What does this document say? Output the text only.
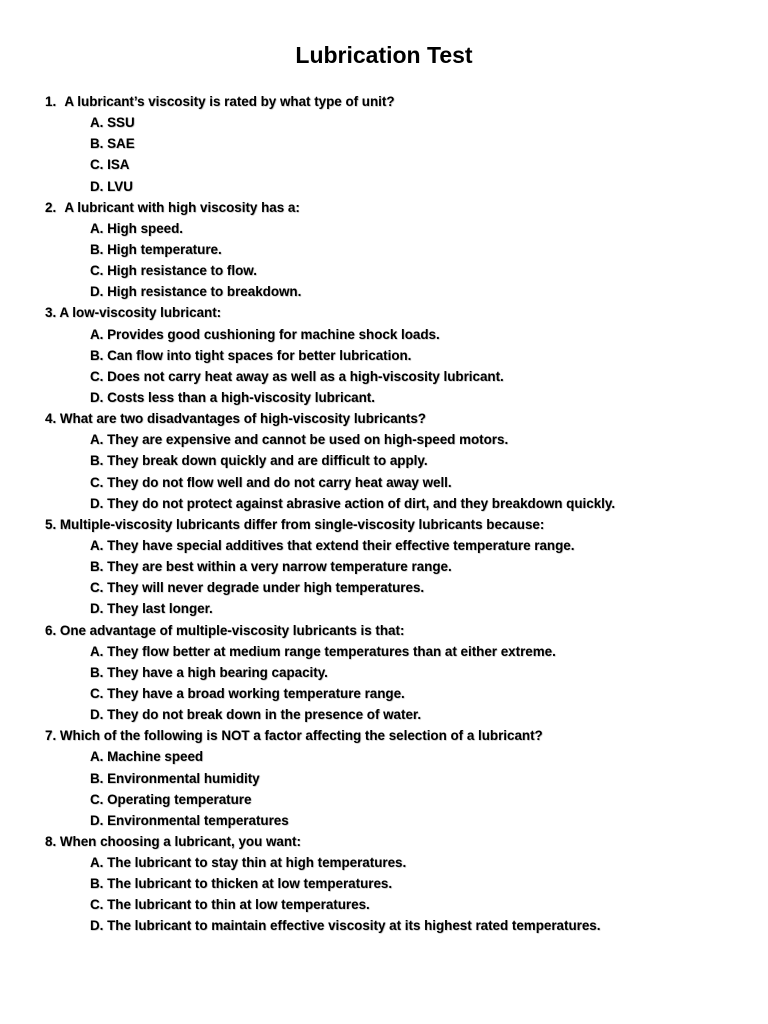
Lubrication Test
1. A lubricant’s viscosity is rated by what type of unit?
A. SSU
B. SAE
C. ISA
D. LVU
2. A lubricant with high viscosity has a:
A. High speed.
B. High temperature.
C. High resistance to flow.
D. High resistance to breakdown.
3. A low-viscosity lubricant:
A. Provides good cushioning for machine shock loads.
B. Can flow into tight spaces for better lubrication.
C. Does not carry heat away as well as a high-viscosity lubricant.
D. Costs less than a high-viscosity lubricant.
4. What are two disadvantages of high-viscosity lubricants?
A. They are expensive and cannot be used on high-speed motors.
B. They break down quickly and are difficult to apply.
C. They do not flow well and do not carry heat away well.
D. They do not protect against abrasive action of dirt, and they breakdown quickly.
5. Multiple-viscosity lubricants differ from single-viscosity lubricants because:
A. They have special additives that extend their effective temperature range.
B. They are best within a very narrow temperature range.
C. They will never degrade under high temperatures.
D. They last longer.
6. One advantage of multiple-viscosity lubricants is that:
A. They flow better at medium range temperatures than at either extreme.
B. They have a high bearing capacity.
C. They have a broad working temperature range.
D. They do not break down in the presence of water.
7. Which of the following is NOT a factor affecting the selection of a lubricant?
A. Machine speed
B. Environmental humidity
C. Operating temperature
D. Environmental temperatures
8. When choosing a lubricant, you want:
A. The lubricant to stay thin at high temperatures.
B. The lubricant to thicken at low temperatures.
C. The lubricant to thin at low temperatures.
D. The lubricant to maintain effective viscosity at its highest rated temperatures.
